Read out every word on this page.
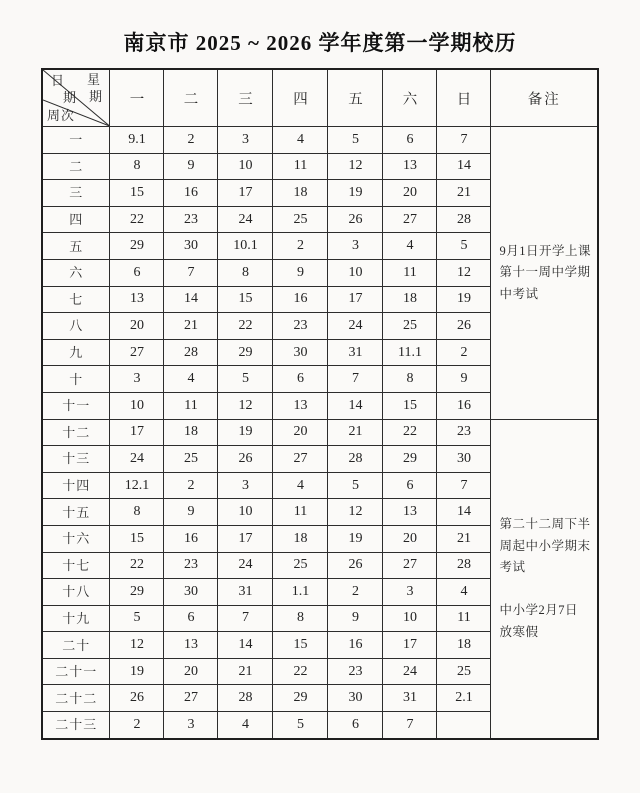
南京市 2025 ~ 2026 学年度第一学期校历
日
期
星
期
周次	一	二	三	四	五	六	日	备注
一	9.1	2	3	4	5	6	7	9月1日开学上课
第十一周中学期
中考试

二	8	9	10	11	12	13	14	
三	15	16	17	18	19	20	21	
四	22	23	24	25	26	27	28	
五	29	30	10.1	2	3	4	5	
六	6	7	8	9	10	11	12	
七	13	14	15	16	17	18	19	
八	20	21	22	23	24	25	26	
九	27	28	29	30	31	11.1	2	
十	3	4	5	6	7	8	9	
十一	10	11	12	13	14	15	16	
十二	17	18	19	20	21	22	23	第二十二周下半
周起中小学期末
考试
中小学2月7日
放寒假

十三	24	25	26	27	28	29	30	
十四	12.1	2	3	4	5	6	7	
十五	8	9	10	11	12	13	14	
十六	15	16	17	18	19	20	21	
十七	22	23	24	25	26	27	28	
十八	29	30	31	1.1	2	3	4	
十九	5	6	7	8	9	10	11	
二十	12	13	14	15	16	17	18	
二十一	19	20	21	22	23	24	25	
二十二	26	27	28	29	30	31	2.1	
二十三	2	3	4	5	6	7		
